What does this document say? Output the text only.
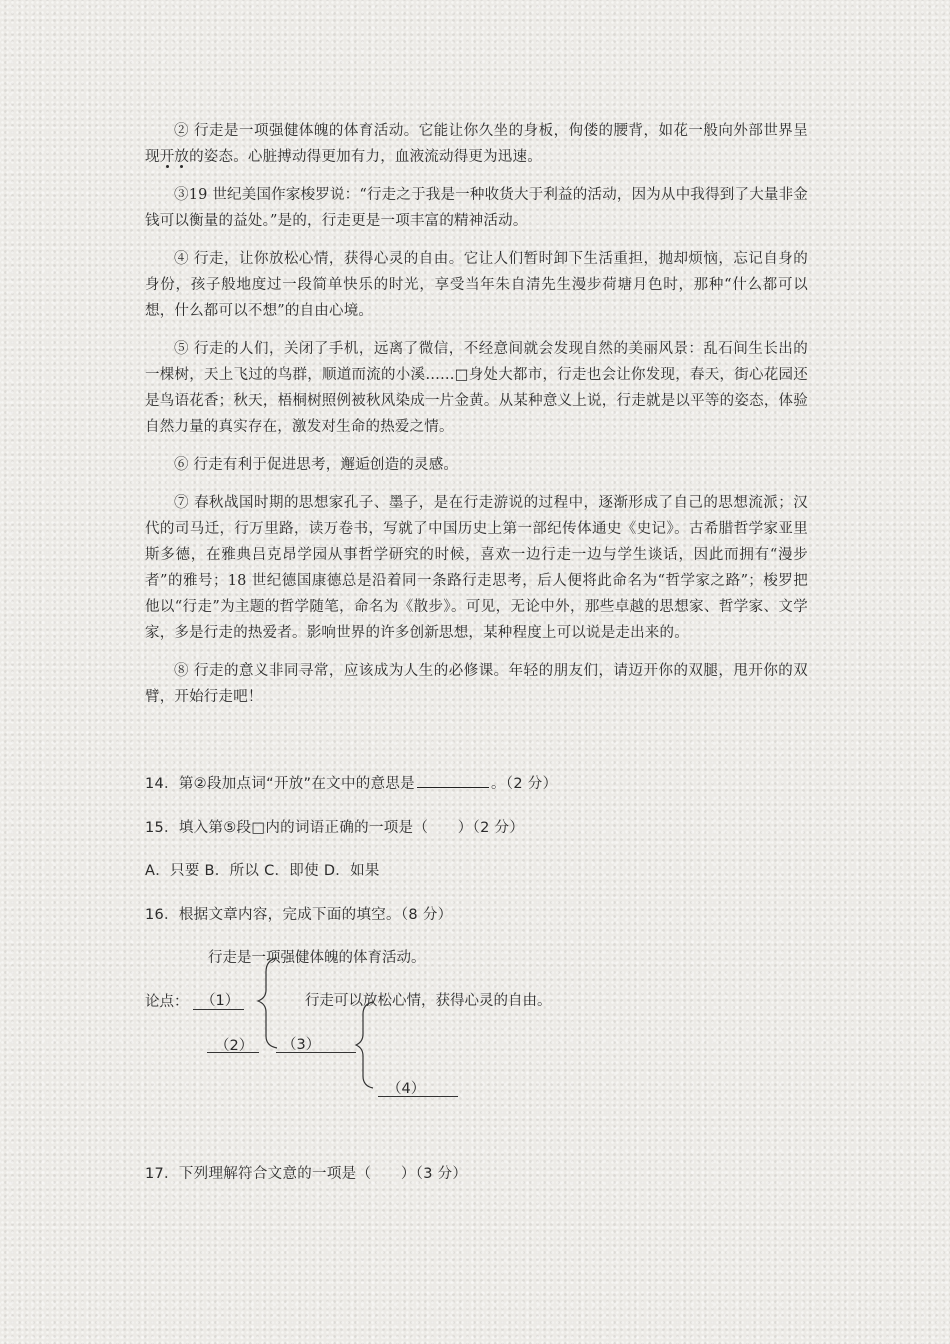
② 行走是一项强健体魄的体育活动。它能让你久坐的身板，佝偻的腰背，如花一般向外部世界呈现开放的姿态。心脏搏动得更加有力，血液流动得更为迅速。

③19 世纪美国作家梭罗说：“行走之于我是一种收货大于利益的活动，因为从中我得到了大量非金钱可以衡量的益处。”是的，行走更是一项丰富的精神活动。

④ 行走，让你放松心情，获得心灵的自由。它让人们暂时卸下生活重担，抛却烦恼，忘记自身的身份，孩子般地度过一段简单快乐的时光，享受当年朱自清先生漫步荷塘月色时，那种“什么都可以想，什么都可以不想”的自由心境。

⑤ 行走的人们，关闭了手机，远离了微信，不经意间就会发现自然的美丽风景：乱石间生长出的一棵树，天上飞过的鸟群，顺道而流的小溪……□身处大都市，行走也会让你发现，春天，街心花园还是鸟语花香；秋天，梧桐树照例被秋风染成一片金黄。从某种意义上说，行走就是以平等的姿态，体验自然力量的真实存在，激发对生命的热爱之情。

⑥ 行走有利于促进思考，邂逅创造的灵感。

⑦ 春秋战国时期的思想家孔子、墨子，是在行走游说的过程中，逐渐形成了自己的思想流派；汉代的司马迁，行万里路，读万卷书，写就了中国历史上第一部纪传体通史《史记》。古希腊哲学家亚里斯多德，在雅典吕克昂学园从事哲学研究的时候，喜欢一边行走一边与学生谈话，因此而拥有“漫步者”的雅号；18 世纪德国康德总是沿着同一条路行走思考，后人便将此命名为“哲学家之路”；梭罗把他以“行走”为主题的哲学随笔，命名为《散步》。可见，无论中外，那些卓越的思想家、哲学家、文学家，多是行走的热爱者。影响世界的许多创新思想，某种程度上可以说是走出来的。

⑧ 行走的意义非同寻常，应该成为人生的必修课。年轻的朋友们，请迈开你的双腿，甩开你的双臂，开始行走吧！

14．第②段加点词“开放”在文中的意思是	。（2 分）

15．填入第⑤段□内的词语正确的一项是（　　）（2 分）

A．只要 B．所以 C．即使 D．如果

16．根据文章内容，完成下面的填空。（8 分）

行走是一项强健体魄的体育活动。
论点： （1）	行走可以放松心情，获得心灵的自由。
（2） （3）
（4）

17．下列理解符合文意的一项是（　　）（3 分）
